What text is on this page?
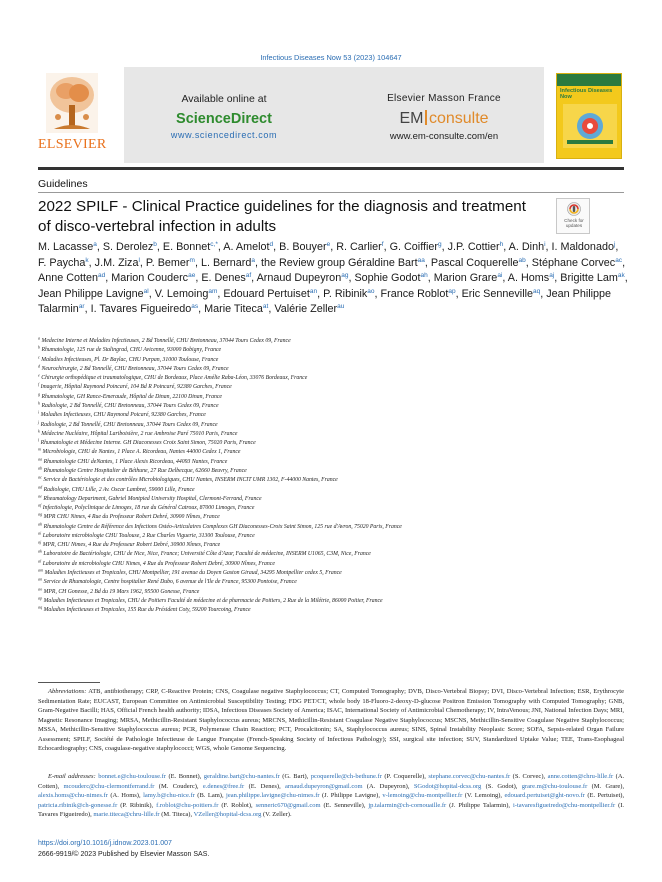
Infectious Diseases Now 53 (2023) 104647
ELSEVIER
Available online at
ScienceDirect
www.sciencedirect.com
Elsevier Masson France
EM consulte
www.em-consulte.com/en
Infectious Diseases Now
Guidelines
2022 SPILF - Clinical Practice guidelines for the diagnosis and treatment of disco-vertebral infection in adults	Check for updates
M. Lacasse$^a$, S. Derolez$^b$, E. Bonnet$^{c,*}$, A. Amelot$^d$, B. Bouyer$^e$, R. Carlier$^f$, G. Coiffier$^g$, J.P. Cottier$^h$, A. Dinh$^i$, I. Maldonado$^j$, F. Paycha$^k$, J.M. Ziza$^l$, P. Bemer$^m$, L. Bernard$^a$, the Review group Géraldine Bart$^{aa}$, Pascal Coquerelle$^{ab}$, Stéphane Corvec$^{ac}$, Anne Cotten$^{ad}$, Marion Couderc$^{ae}$, E. Denes$^{af}$, Arnaud Dupeyron$^{ag}$, Sophie Godot$^{ah}$, Marion Grare$^{ai}$, A. Homs$^{aj}$, Brigitte Lam$^{ak}$, Jean Philippe Lavigne$^{al}$, V. Lemoing$^{am}$, Edouard Pertuiset$^{an}$, P. Ribinik$^{ao}$, France Roblot$^{ap}$, Eric Senneville$^{aq}$, Jean Philippe Talarmin$^{ar}$, I. Tavares Figueiredo$^{as}$, Marie Titeca$^{at}$, Valérie Zeller$^{au}$
$^a$ Medecine Interne et Maladies Infectieuses, 2 Bd Tonnellé, CHU Bretonneau, 37044 Tours Cedex 09, France
$^b$ Rhumatologie, 125 rue de Stalingrad, CHU Avicenne, 93000 Bobigny, France
$^c$ Maladies Infectieuses, Pl. Dr Baylac, CHU Purpan, 31000 Toulouse, France
$^d$ Neurochirurgie, 2 Bd Tonnellé, CHU Bretonneau, 37044 Tours Cedex 09, France
$^e$ Chirurgie orthopédique et traumatologique, CHU de Bordeaux, Place Amélie Raba-Léon, 33076 Bordeaux, France
$^f$ Imagerie, Hôpital Raymond Poincaré, 104 Bd R Poincaré, 92380 Garches, France
$^g$ Rhumatologie, GH Rance-Emeraude, Hôpital de Dinan, 22100 Dinan, France
$^h$ Radiologie, 2 Bd Tonnellé, CHU Bretonneau, 37044 Tours Cedex 09, France
$^i$ Maladies Infectieuses, CHU Raymond Poicaré, 92380 Garches, France
$^j$ Radiologie, 2 Bd Tonnellé, CHU Bretonneau, 37044 Tours Cedex 09, France
$^k$ Médecine Nucléaire, Hôpital Lariboisière, 2 rue Ambroise Paré 75010 Paris, France
$^l$ Rhumatologie et Médecine Interne. GH Diaconesses Croix Saint Simon, 75020 Paris, France
$^m$ Microbiologie, CHU de Nantes, 1 Place A. Ricordeau, Nantes 44000 Cedex 1, France
$^{aa}$ Rhumatologie CHU deNantes, 1 Place Alexis Ricordeau, 44093 Nantes, France
$^{ab}$ Rhumatologie Centre Hospitalier de Béthune, 27 Rue Delbecque, 62660 Beuvry, France
$^{ac}$ Service de Bactériologie et des contrôles Microbiologiques, CHU Nantes, INSERM INCIT UMR 1302, F-44000 Nantes, France
$^{ad}$ Radiologie, CHU Lille, 2 Av. Oscar Lambret, 59000 Lille, France
$^{ae}$ Rheumatology Department, Gabriel Montpied University Hospital, Clermont-Ferrand, France
$^{af}$ Infectiologie, Polyclinique de Limoges, 18 rue du Général Catroux, 87000 Limoges, France
$^{ag}$ MPR CHU Nimes, 4 Rue du Professeur Robert Debré, 30900 Nîmes, France
$^{ah}$ Rhumatologie Centre de Référence des Infections Ostéo-Articulaires Complexes GH Diaconesses-Croix Saint Simon, 125 rue d'Avron, 75020 Paris, France
$^{ai}$ Laboratoire microbiologie CHU Toulouse, 2 Rue Charles Viguerie, 31300 Toulouse, France
$^{aj}$ MPR, CHU Nimes, 4 Rue du Professeur Robert Debré, 30900 Nîmes, France
$^{ak}$ Laboratoire de Bactériologie, CHU de Nice, Nice, France; Université Côte d'Azur, Faculté de médecine, INSERM U1065, C3M, Nice, France
$^{al}$ Laboratoire de microbiologie CHU Nimes, 4 Rue du Professeur Robert Debré, 30900 Nîmes, France
$^{am}$ Maladies Infectieuses et Tropicales, CHU Montpellier, 191 avenue du Doyen Gaston Giraud, 34295 Montpellier cedex 5, France
$^{an}$ Service de Rhumatologie, Centre hospitalier René Dubo, 6 avenue de l'Ile de France, 95300 Pontoise, France
$^{ao}$ MPR, CH Gonesse, 2 Bd du 19 Mars 1962, 95500 Gonesse, France
$^{ap}$ Maladies Infectieuses et Tropicales, CHU de Poitiers Faculté de médecine et de pharmacie de Poitiers, 2 Rue de la Milétrie, 86000 Poitier, France
$^{aq}$ Maladies Infectieuses et Tropicales, 155 Rue du Président Coty, 59200 Tourcoing, France

Abbreviations: ATB, antibiotherapy; CRP, C-Reactive Protein; CNS, Coagulase negative Staphylococcus; CT, Computed Tomography; DVB, Disco-Vertebral Biopsy; DVI, Disco-Vertebral Infection; ESR, Erythrocyte Sedimentation Rate; EUCAST, European Committee on Antimicrobial Susceptibility Testing; FDG PET/CT, whole body 18-Fluoro-2-deoxy-D-glucose Positron Emission Tomography with Computed Tomography; GNB, Gram-Negative Bacilli; HAS, Official French health authority; IDSA, Infectious Diseases Society of America; ISAC, International Society of Antimicrobial Chemotherapy; IV, IntraVenous; JNI, National Infection Days; MRI, Magnetic Resonance Imaging; MRSA, Methicillin-Resistant Staphylococcus aureus; MRCNS, Methicillin-Resistant Coagulase Negative Staphylococcus; MSCNS, Methicillin-Sensitive Coagulase Negative Staphylococcus; MSSA, Methicillin-Sensitive Staphylococcus aureus; PCR, Polymerase Chain Reaction; PCT, Procalcitonin; SA, Staphylococcus aureus; SINS, Spinal Instability Neoplasic Score; SOFA, Sepsis-related Organ Failure Assessment; SPILF, Société de Pathologie Infectieuse de Langue Française (French-Speaking Society of Infectious Pathology); SSI, surgical site infection; SUV, Standardized Uptake Value; TEE, Trans-Esophageal Echocardiography; CNS, coagulase-negative staphylococci; WGS, whole Genome Sequencing.

E-mail addresses: bonnet.e@chu-toulouse.fr (E. Bonnet), geraldine.bart@chu-nantes.fr (G. Bart), pcoquerelle@ch-bethune.fr (P. Coquerelle), stephane.corvec@chu-nantes.fr (S. Corvec), anne.cotten@chru-lille.fr (A. Cotten), mcouderc@chu-clermontferrand.fr (M. Couderc), e.denes@free.fr (E. Denes), arnaud.dupeyron@gmail.com (A. Dupeyron), SGodot@hopital-dcss.org (S. Godot), grare.m@chu-toulouse.fr (M. Grare), alexis.homs@chu-nimes.fr (A. Homs), lamy.b@chu-nice.fr (B. Lam), jean.philippe.lavigne@chu-nimes.fr (J. Philippe Lavigne), v-lemoing@chu-montpellier.fr (V. Lemoing), edouard.pertuiset@ght-novo.fr (E. Pertuiset), patricia.ribinik@ch-gonesse.fr (P. Ribinik), f.roblot@chu-poitiers.fr (F. Roblot), senneric670@gmail.com (E. Senneville), jp.talarmin@ch-cornouaille.fr (J. Philippe Talarmin), i-tavaresfigueiredo@chu-montpellier.fr (I. Tavares Figueiredo), marie.titeca@chru-lille.fr (M. Titeca), VZeller@hopital-dcss.org (V. Zeller).

https://doi.org/10.1016/j.idnow.2023.01.007
2666-9919/© 2023 Published by Elsevier Masson SAS.
